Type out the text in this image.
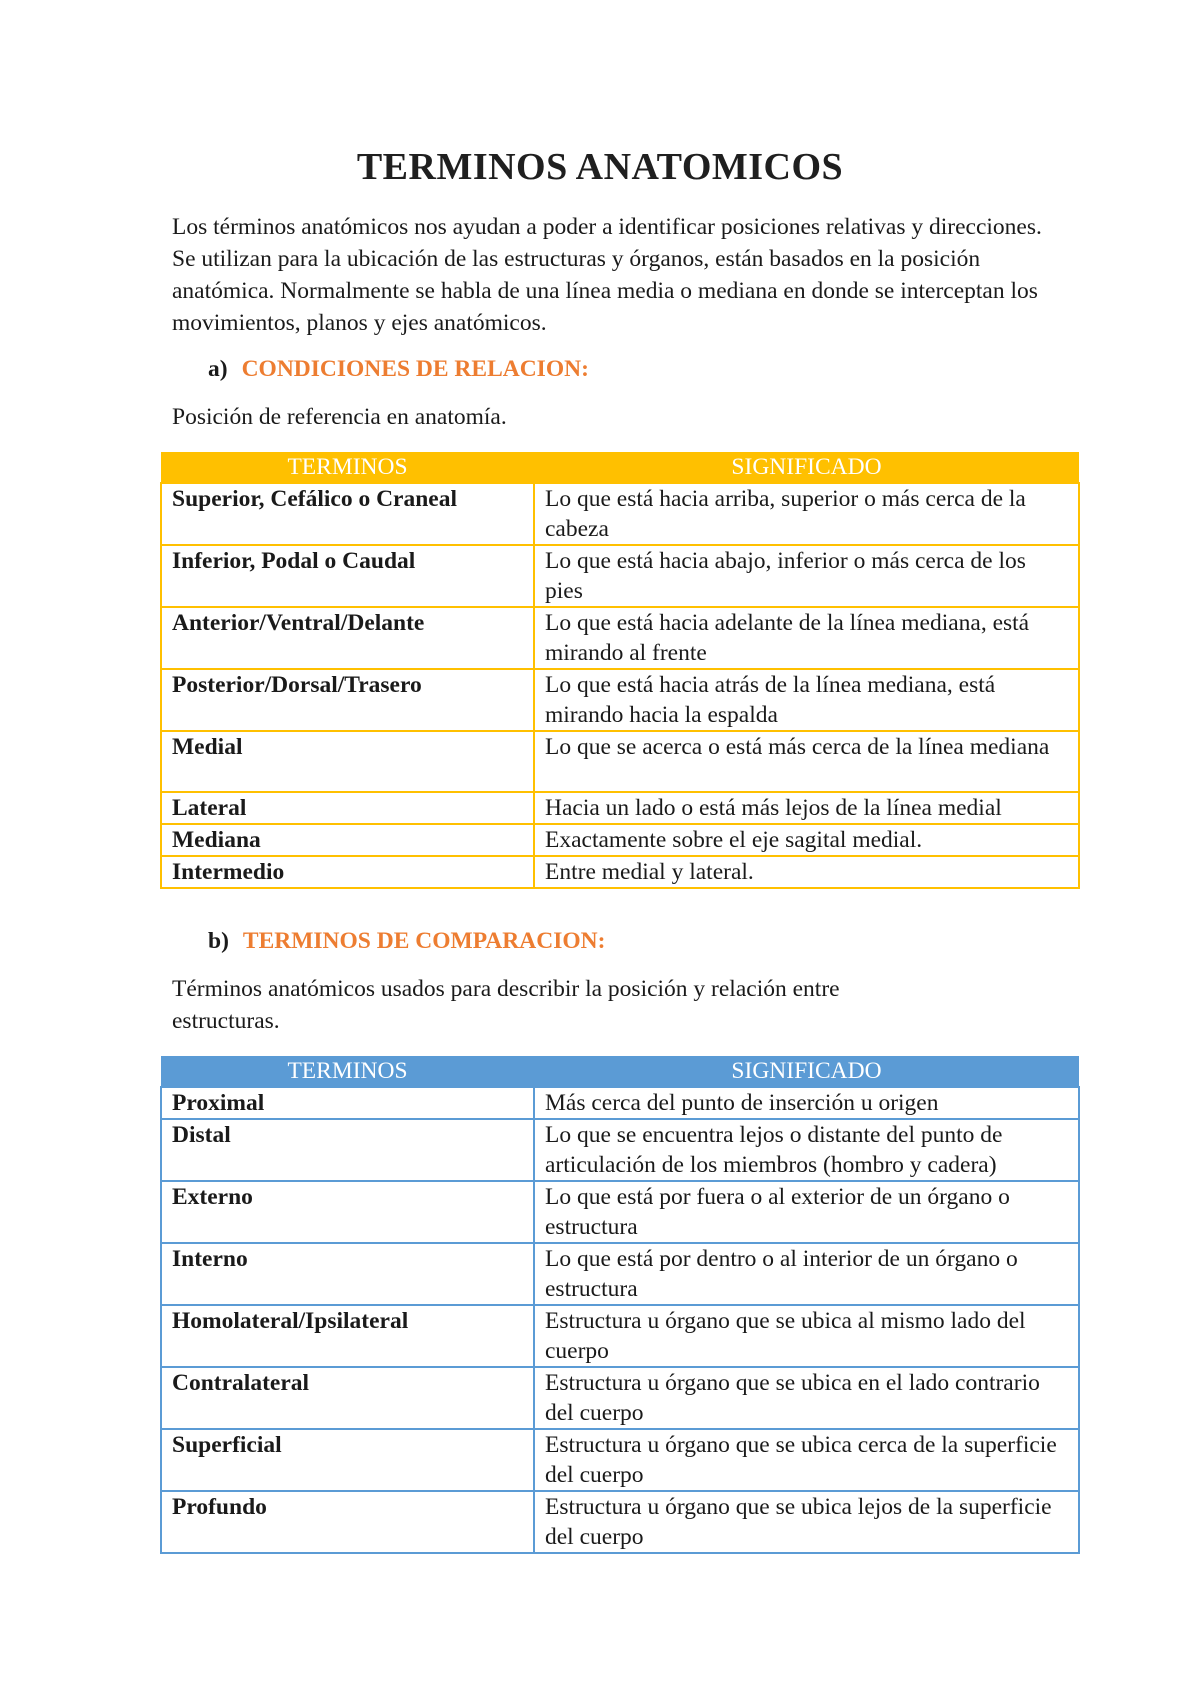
TERMINOS ANATOMICOS
Los términos anatómicos nos ayudan a poder a identificar posiciones relativas y direcciones. Se utilizan para la ubicación de las estructuras y órganos, están basados en la posición anatómica. Normalmente se habla de una línea media o mediana en donde se interceptan los movimientos, planos y ejes anatómicos.
a) CONDICIONES DE RELACION:
Posición de referencia en anatomía.
TERMINOS	SIGNIFICADO
Superior, Cefálico o Craneal	Lo que está hacia arriba, superior o más cerca de la cabeza
Inferior, Podal o Caudal	Lo que está hacia abajo, inferior o más cerca de los pies
Anterior/Ventral/Delante	Lo que está hacia adelante de la línea mediana, está mirando al frente
Posterior/Dorsal/Trasero	Lo que está hacia atrás de la línea mediana, está mirando hacia la espalda
Medial	Lo que se acerca o está más cerca de la línea mediana
Lateral	Hacia un lado o está más lejos de la línea medial
Mediana	Exactamente sobre el eje sagital medial.
Intermedio	Entre medial y lateral.
b) TERMINOS DE COMPARACION:
Términos anatómicos usados para describir la posición y relación entre estructuras.
TERMINOS	SIGNIFICADO
Proximal	Más cerca del punto de inserción u origen
Distal	Lo que se encuentra lejos o distante del punto de articulación de los miembros (hombro y cadera)
Externo	Lo que está por fuera o al exterior de un órgano o estructura
Interno	Lo que está por dentro o al interior de un órgano o estructura
Homolateral/Ipsilateral	Estructura u órgano que se ubica al mismo lado del cuerpo
Contralateral	Estructura u órgano que se ubica en el lado contrario del cuerpo
Superficial	Estructura u órgano que se ubica cerca de la superficie del cuerpo
Profundo	Estructura u órgano que se ubica lejos de la superficie del cuerpo
